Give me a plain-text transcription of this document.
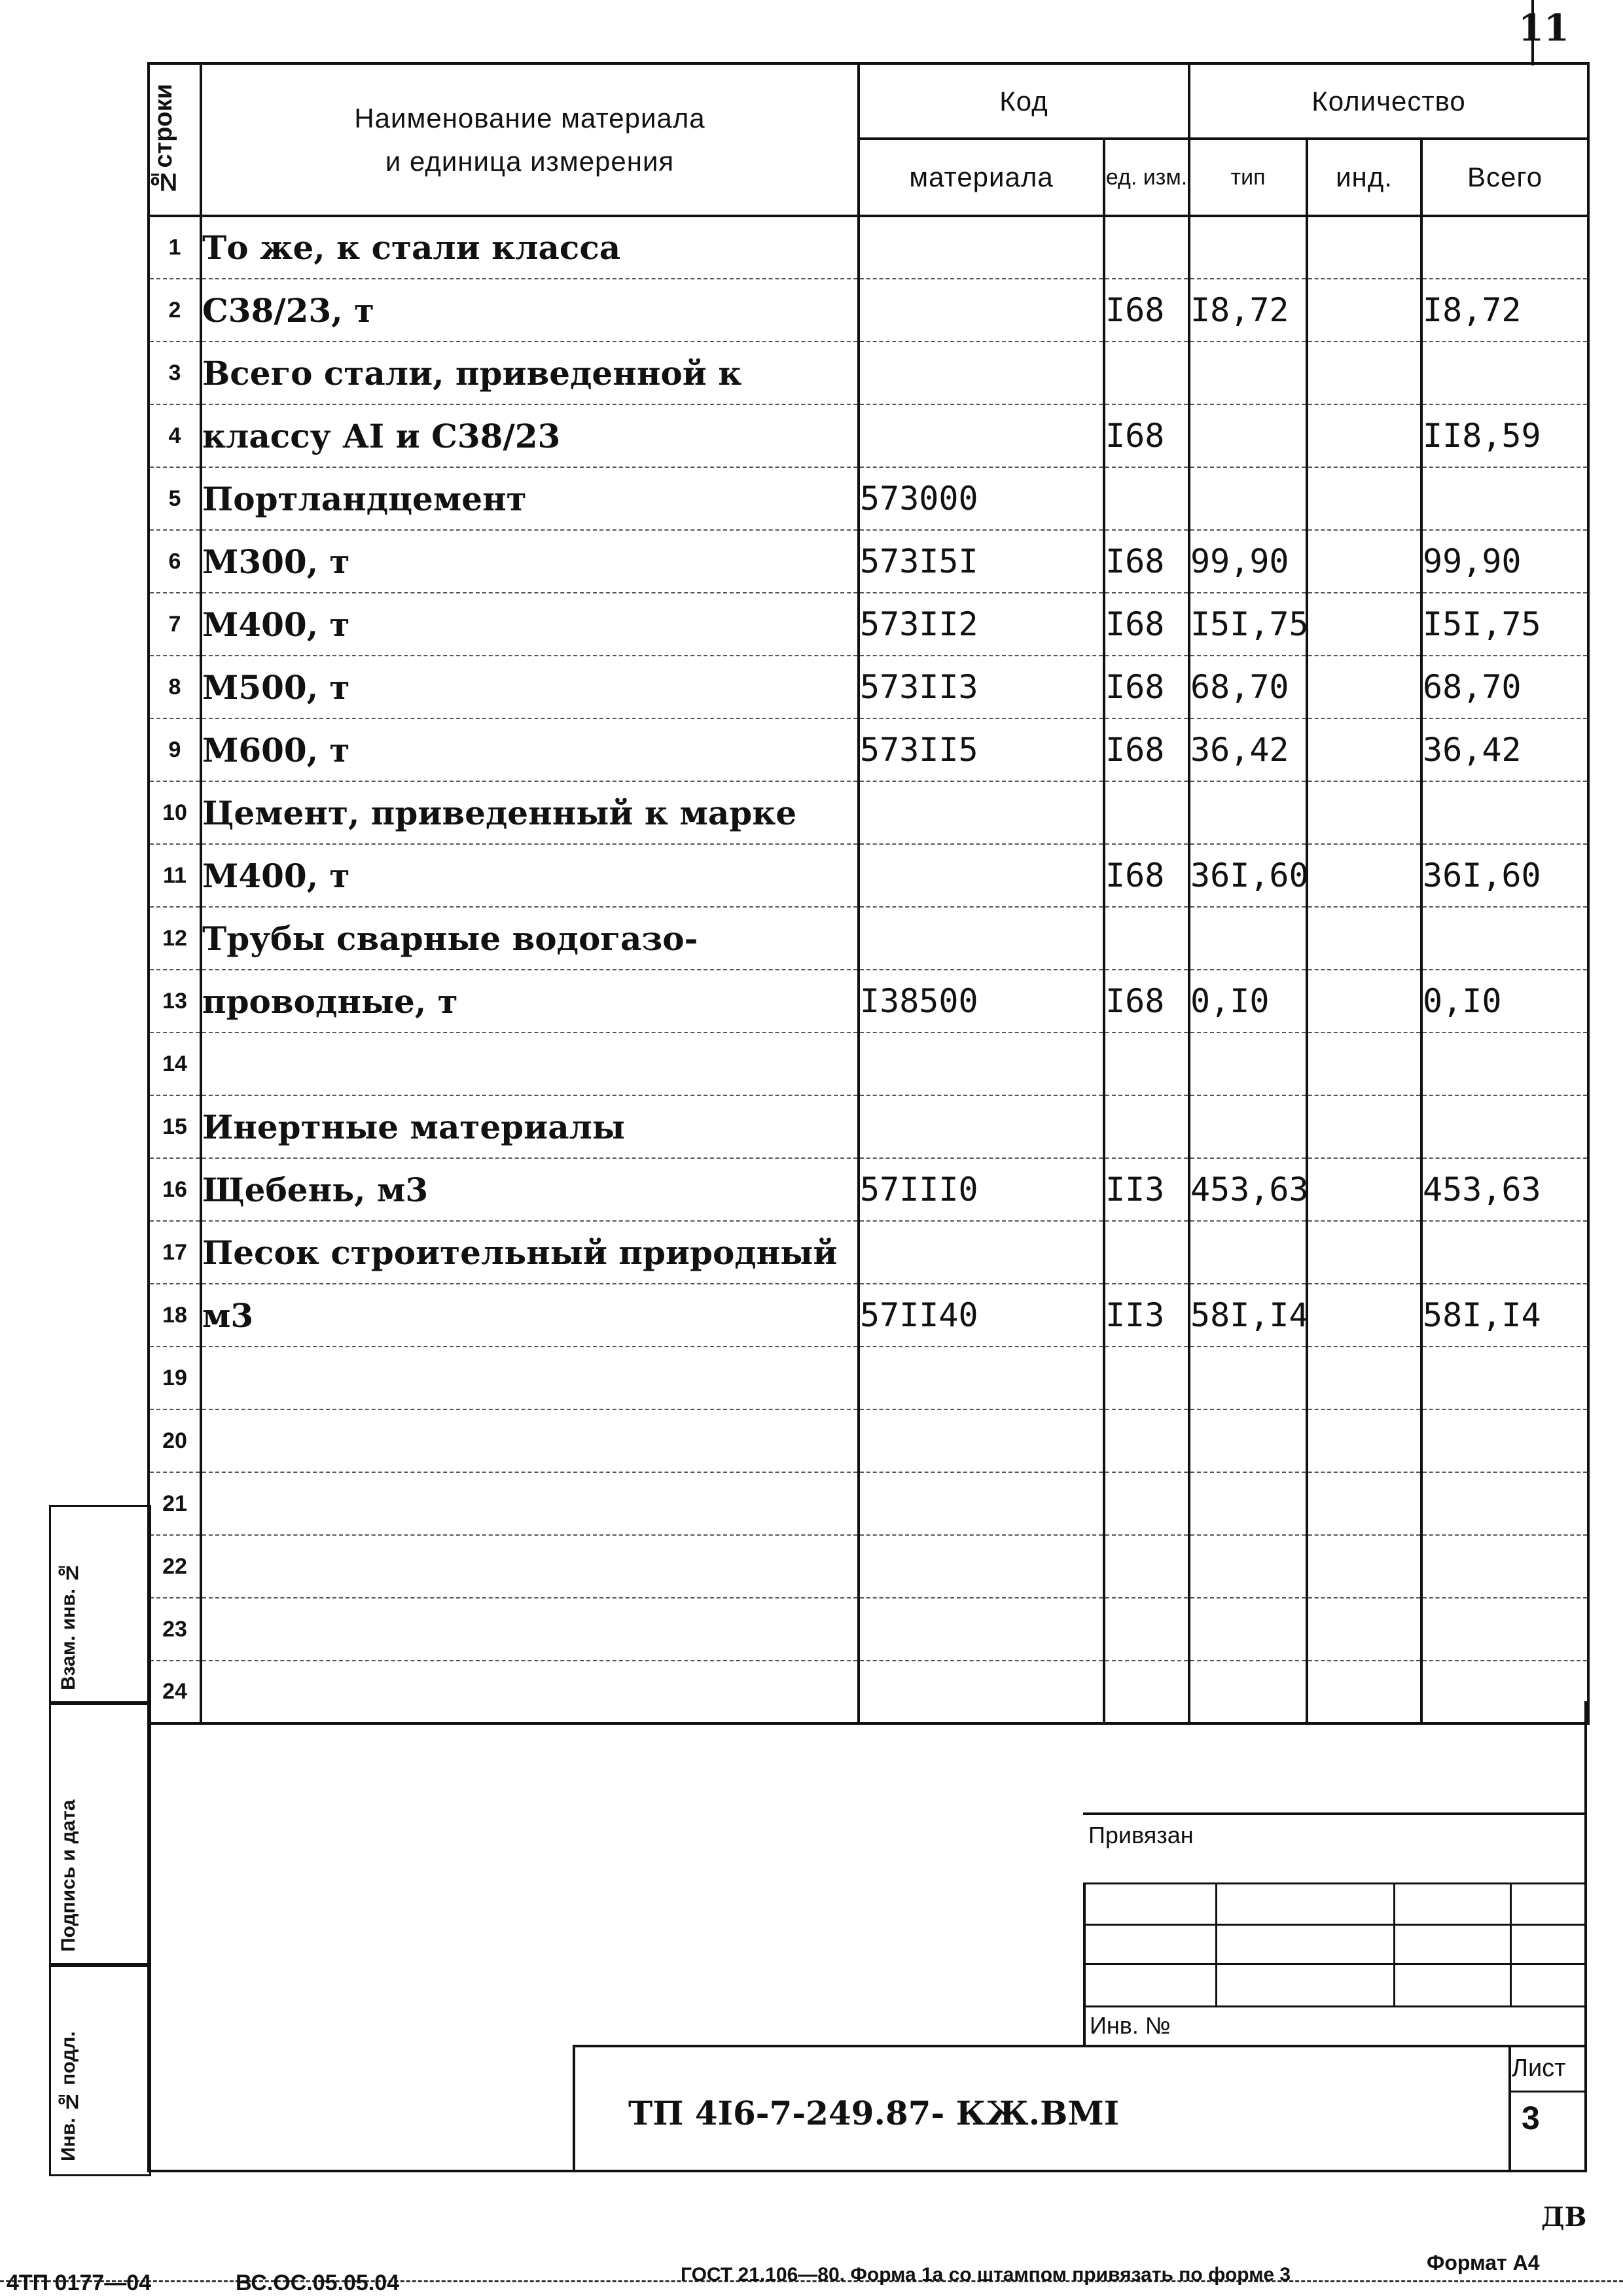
11
№строки	Наименование материала
и единица измерения	Код		Количество		
		материала	ед. изм.	тип	инд.	Всего
1	То же, к стали класса					
2	С38/23, т		I68	I8,72		I8,72
3	Всего стали, приведенной к					
4	классу АI и С38/23		I68			II8,59
5	Портландцемент	573000				
6	М300, т	573I5I	I68	99,90		99,90
7	М400, т	573II2	I68	I5I,75		I5I,75
8	М500, т	573II3	I68	68,70		68,70
9	М600, т	573II5	I68	36,42		36,42
10	Цемент, приведенный к марке					
11	М400, т		I68	36I,60		36I,60
12	Трубы сварные водогазо-					
13	проводные, т	I38500	I68	0,I0		0,I0
14						
15	Инертные материалы					
16	Щебень, м3	57III0	II3	453,63		453,63
17	Песок строительный природный					
18	м3	57II40	II3	58I,I4		58I,I4
19						
20						
21						
22						
23						
24						
Взам. инв. №
Подпись и дата
Инв. № подл.
Привязан
Инв. №
ТП 4I6-7-249.87- КЖ.ВМI
Лист
3
ДВ
Формат А4
4ТП 0177—04	ВС.ОС.05.05.04	ГОСТ 21.106—80. Форма 1а со штампом привязать по форме 3
